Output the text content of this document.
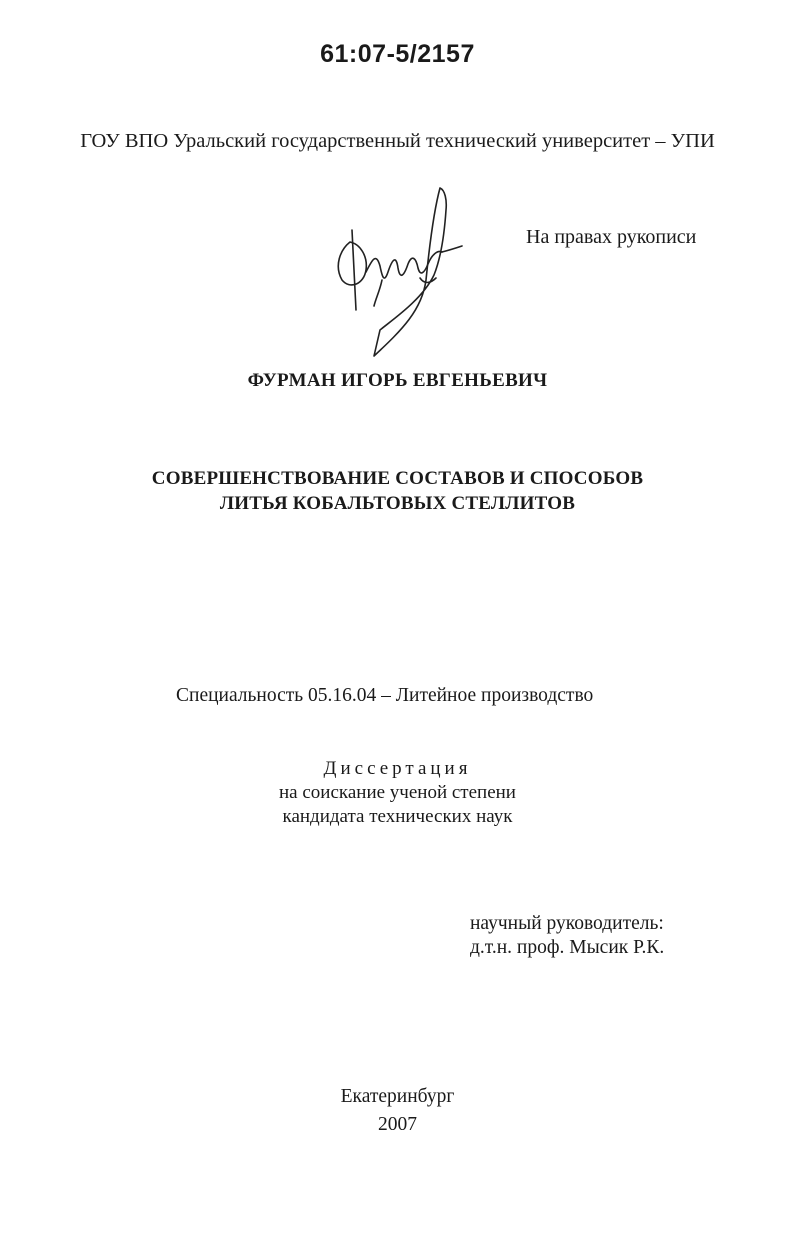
61:07-5/2157
ГОУ ВПО Уральский государственный технический университет – УПИ
На правах рукописи
ФУРМАН ИГОРЬ ЕВГЕНЬЕВИЧ
СОВЕРШЕНСТВОВАНИЕ СОСТАВОВ И СПОСОБОВ
ЛИТЬЯ КОБАЛЬТОВЫХ СТЕЛЛИТОВ
Специальность 05.16.04 – Литейное производство
Диссертация
на соискание ученой степени
кандидата технических наук
научный руководитель:
д.т.н. проф. Мысик Р.К.
Екатеринбург
2007
